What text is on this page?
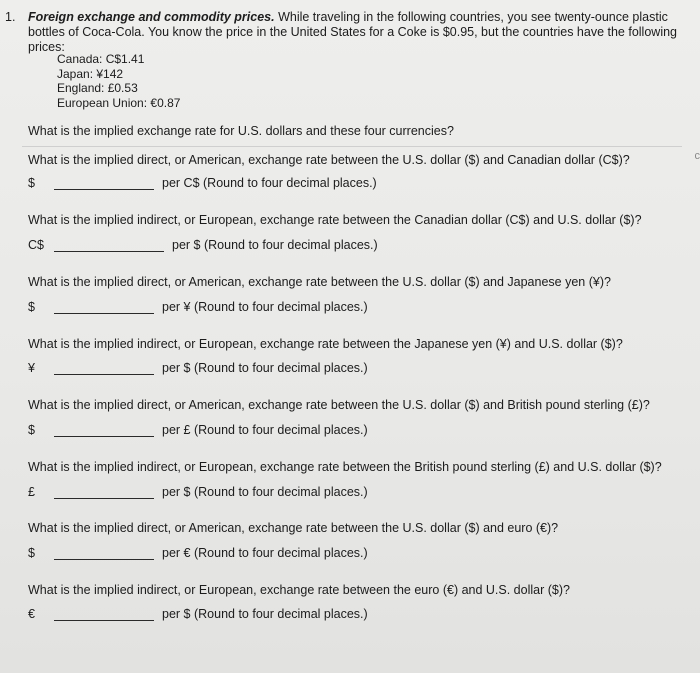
1. Foreign exchange and commodity prices. While traveling in the following countries, you see twenty-ounce plastic bottles of Coca-Cola. You know the price in the United States for a Coke is $0.95, but the countries have the following prices:
Canada: C$1.41
Japan: ¥142
England: £0.53
European Union: €0.87
What is the implied exchange rate for U.S. dollars and these four currencies?
c
What is the implied direct, or American, exchange rate between the U.S. dollar ($) and Canadian dollar (C$)?
$	per C$ (Round to four decimal places.)
What is the implied indirect, or European, exchange rate between the Canadian dollar (C$) and U.S. dollar ($)?
C$	per $ (Round to four decimal places.)
What is the implied direct, or American, exchange rate between the U.S. dollar ($) and Japanese yen (¥)?
$	per ¥ (Round to four decimal places.)
What is the implied indirect, or European, exchange rate between the Japanese yen (¥) and U.S. dollar ($)?
¥	per $ (Round to four decimal places.)
What is the implied direct, or American, exchange rate between the U.S. dollar ($) and British pound sterling (£)?
$	per £ (Round to four decimal places.)
What is the implied indirect, or European, exchange rate between the British pound sterling (£) and U.S. dollar ($)?
£	per $ (Round to four decimal places.)
What is the implied direct, or American, exchange rate between the U.S. dollar ($) and euro (€)?
$	per € (Round to four decimal places.)
What is the implied indirect, or European, exchange rate between the euro (€) and U.S. dollar ($)?
€	per $ (Round to four decimal places.)
